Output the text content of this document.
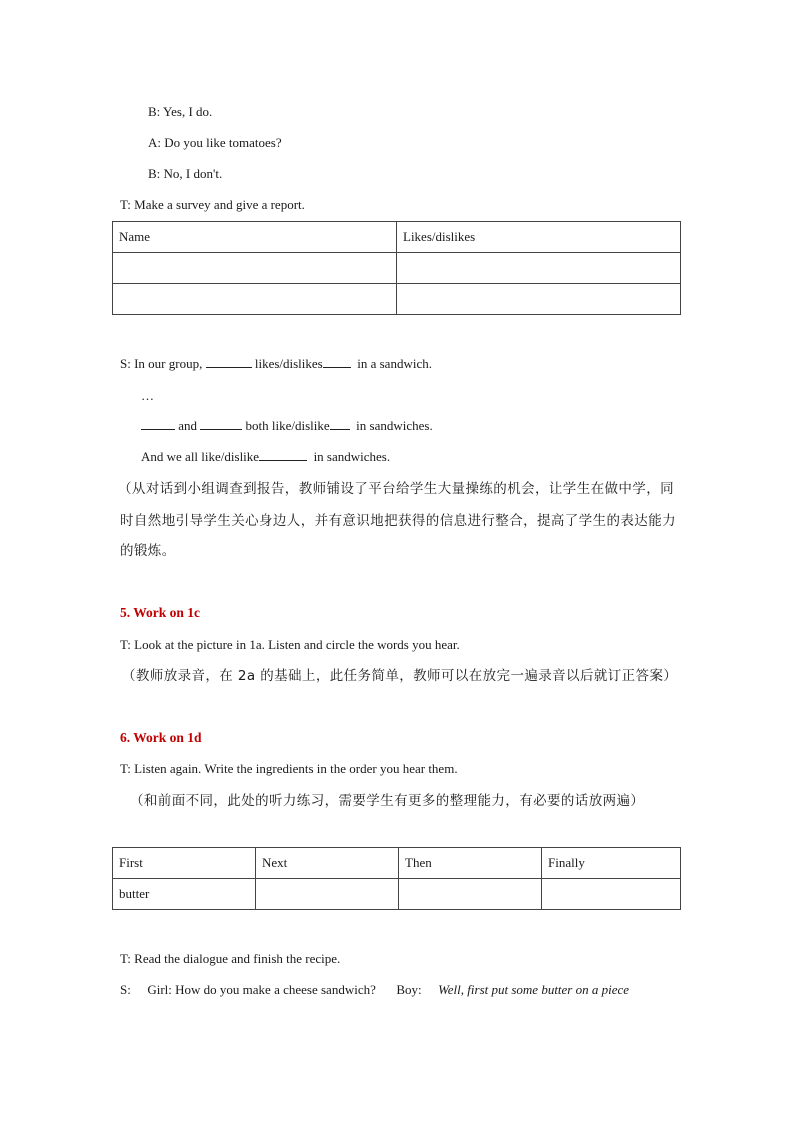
B: Yes, I do.
A: Do you like tomatoes?
B: No, I don't.
T: Make a survey and give a report.
Name	Likes/dislikes

S: In our group,	likes/dislikes	in a sandwich.
…
and	both like/dislike in sandwiches.
And we all like/dislike	in sandwiches.
（从对话到小组调查到报告，教师铺设了平台给学生大量操练的机会，让学生在做中学，同
时自然地引导学生关心身边人，并有意识地把获得的信息进行整合，提高了学生的表达能力
的锻炼。
5. Work on 1c
T: Look at the picture in 1a. Listen and circle the words you hear.
（教师放录音，在 2a 的基础上，此任务简单，教师可以在放完一遍录音以后就订正答案）
6. Work on 1d
T: Listen again. Write the ingredients in the order you hear them.
（和前面不同，此处的听力练习，需要学生有更多的整理能力，有必要的话放两遍）
First	Next	Then	Finally
butter			
T: Read the dialogue and finish the recipe.
S: Girl: How do you make a cheese sandwich? Boy: Well, first put some butter on a piece
